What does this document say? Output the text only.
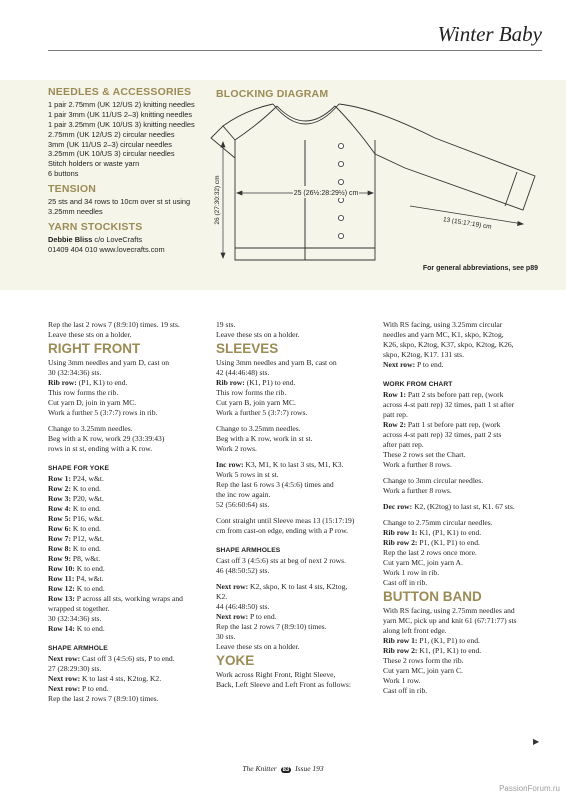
Winter Baby
NEEDLES & ACCESSORIES
1 pair 2.75mm (UK 12/US 2) knitting needles
1 pair 3mm (UK 11/US 2–3) knitting needles
1 pair 3.25mm (UK 10/US 3) knitting needles
2.75mm (UK 12/US 2) circular needles
3mm (UK 11/US 2–3) circular needles
3.25mm (UK 10/US 3) circular needles
Stitch holders or waste yarn
6 buttons
TENSION
25 sts and 34 rows to 10cm over st st using
3.25mm needles
YARN STOCKISTS
Debbie Bliss c/o LoveCrafts
01409 404 010 www.lovecrafts.com
BLOCKING DIAGRAM
25 (26½:28:29½) cm
26 (27:30:32) cm	13 (15:17:19) cm
For general abbreviations, see p89
Rep the last 2 rows 7 (8:9:10) times. 19 sts.
Leave these sts on a holder.
RIGHT FRONT
Using 3mm needles and yarn D, cast on
30 (32:34:36) sts.
Rib row: (P1, K1) to end.
This row forms the rib.
Cut yarn D, join in yarn MC.
Work a further 5 (3:7:7) rows in rib.
Change to 3.25mm needles.
Beg with a K row, work 29 (33:39:43)
rows in st st, ending with a K row.
SHAPE FOR YOKE
Row 1: P24, w&t.
Row 2: K to end.
Row 3: P20, w&t.
Row 4: K to end.
Row 5: P16, w&t.
Row 6: K to end.
Row 7: P12, w&t.
Row 8: K to end.
Row 9: P8, w&t.
Row 10: K to end.
Row 11: P4, w&t.
Row 12: K to end.
Row 13: P across all sts, working wraps and
wrapped st together.
30 (32:34:36) sts.
Row 14: K to end.
SHAPE ARMHOLE
Next row: Cast off 3 (4:5:6) sts, P to end.
27 (28:29:30) sts.
Next row: K to last 4 sts, K2tog, K2.
Next row: P to end.
Rep the last 2 rows 7 (8:9:10) times.
19 sts.
Leave these sts on a holder.
SLEEVES
Using 3mm needles and yarn B, cast on
42 (44:46:48) sts.
Rib row: (K1, P1) to end.
This row forms the rib.
Cut yarn B, join yarn MC.
Work a further 5 (3:7:7) rows.
Change to 3.25mm needles.
Beg with a K row, work in st st.
Work 2 rows.
Inc row: K3, M1, K to last 3 sts, M1, K3.
Work 5 rows in st st.
Rep the last 6 rows 3 (4:5:6) times and
the inc row again.
52 (56:60:64) sts.
Cont straight until Sleeve meas 13 (15:17:19)
cm from cast-on edge, ending with a P row.
SHAPE ARMHOLES
Cast off 3 (4:5:6) sts at beg of next 2 rows.
46 (48:50:52) sts.
Next row: K2, skpo, K to last 4 sts, K2tog,
K2.
44 (46:48:50) sts.
Next row: P to end.
Rep the last 2 rows 7 (8:9:10) times.
30 sts.
Leave these sts on a holder.
YOKE
Work across Right Front, Right Sleeve,
Back, Left Sleeve and Left Front as follows:
With RS facing, using 3.25mm circular
needles and yarn MC, K1, skpo, K2tog,
K26, skpo, K2tog, K37, skpo, K2tog, K26,
skpo, K2tog, K17. 131 sts.
Next row: P to end.
WORK FROM CHART
Row 1: Patt 2 sts before patt rep, (work
across 4-st patt rep) 32 times, patt 1 st after
patt rep.
Row 2: Patt 1 st before patt rep, (work
across 4-st patt rep) 32 times, patt 2 sts
after patt rep.
These 2 rows set the Chart.
Work a further 8 rows.
Change to 3mm circular needles.
Work a further 8 rows.
Dec row: K2, (K2tog) to last st, K1. 67 sts.
Change to 2.75mm circular needles.
Rib row 1: K1, (P1, K1) to end.
Rib row 2: P1, (K1, P1) to end.
Rep the last 2 rows once more.
Cut yarn MC, join yarn A.
Work 1 row in rib.
Cast off in rib.
BUTTON BAND
With RS facing, using 2.75mm needles and
yarn MC, pick up and knit 61 (67:71:77) sts
along left front edge.
Rib row 1: P1, (K1, P1) to end.
Rib row 2: K1, (P1, K1) to end.
These 2 rows form the rib.
Cut yarn MC, join yarn C.
Work 1 row.
Cast off in rib.
▶
The Knitter 83 Issue 193
PassionForum.ru
